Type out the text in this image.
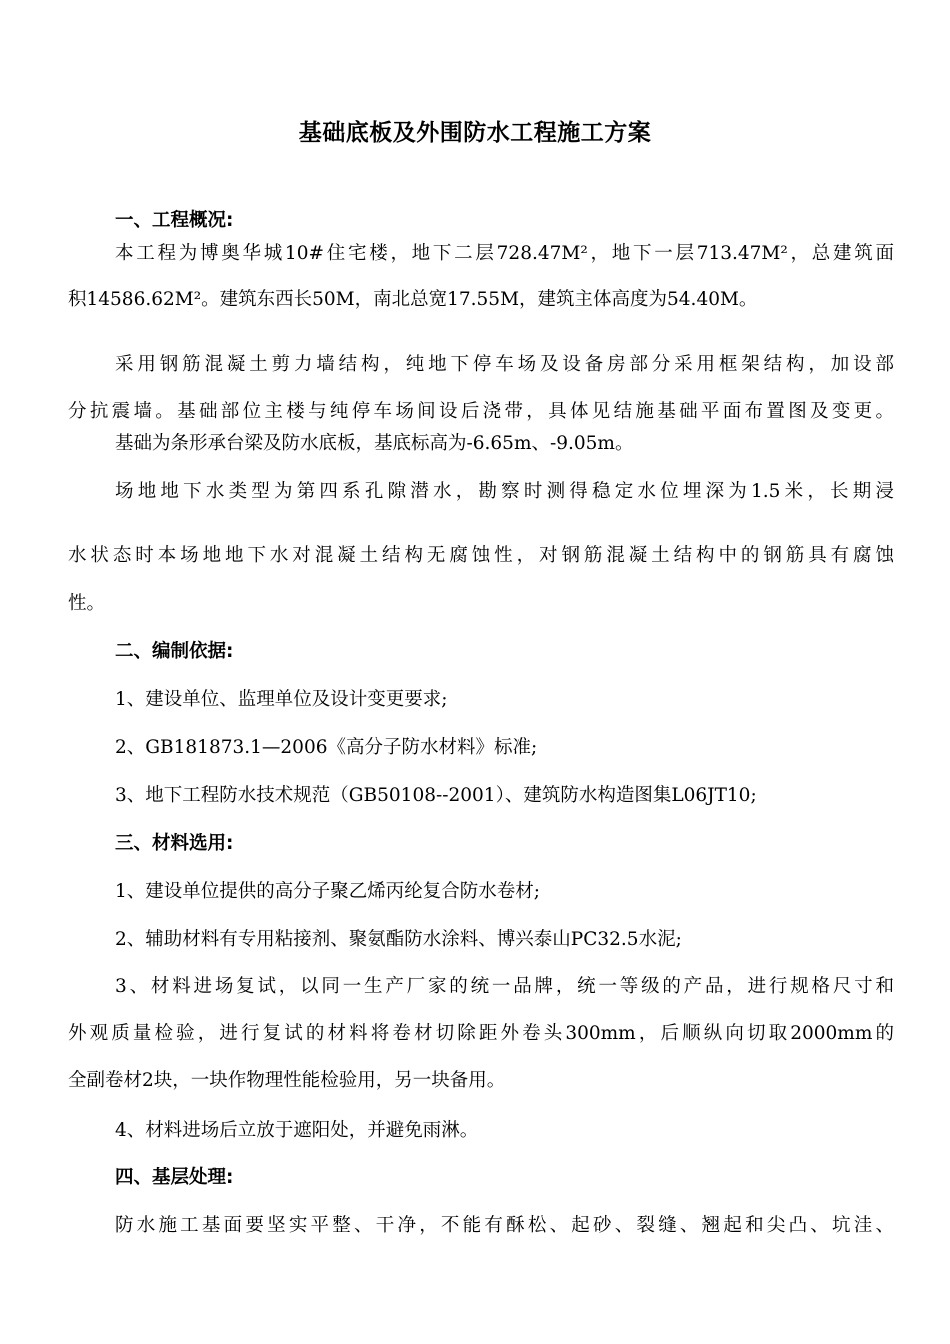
基础底板及外围防水工程施工方案
一、工程概况:
本工程为博奥华城10#住宅楼，地下二层728.47M²，地下一层713.47M²，总建筑面
积14586.62M²。建筑东西长50M，南北总宽17.55M，建筑主体高度为54.40M。
采用钢筋混凝土剪力墙结构，纯地下停车场及设备房部分采用框架结构，加设部
分抗震墙。基础部位主楼与纯停车场间设后浇带，具体见结施基础平面布置图及变更。
基础为条形承台梁及防水底板，基底标高为-6.65m、-9.05m。
场地地下水类型为第四系孔隙潜水，勘察时测得稳定水位埋深为1.5米，长期浸
水状态时本场地地下水对混凝土结构无腐蚀性，对钢筋混凝土结构中的钢筋具有腐蚀
性。
二、编制依据:
1、建设单位、监理单位及设计变更要求;
2、GB181873.1—2006《高分子防水材料》标准;
3、地下工程防水技术规范（GB50108--2001）、建筑防水构造图集L06JT10;
三、材料选用:
1、建设单位提供的高分子聚乙烯丙纶复合防水卷材;
2、辅助材料有专用粘接剂、聚氨酯防水涂料、博兴泰山PC32.5水泥;
3、材料进场复试，以同一生产厂家的统一品牌，统一等级的产品，进行规格尺寸和
外观质量检验，进行复试的材料将卷材切除距外卷头300mm，后顺纵向切取2000mm的
全副卷材2块，一块作物理性能检验用，另一块备用。
4、材料进场后立放于遮阳处，并避免雨淋。
四、基层处理:
防水施工基面要坚实平整、干净，不能有酥松、起砂、裂缝、翘起和尖凸、坑洼、
